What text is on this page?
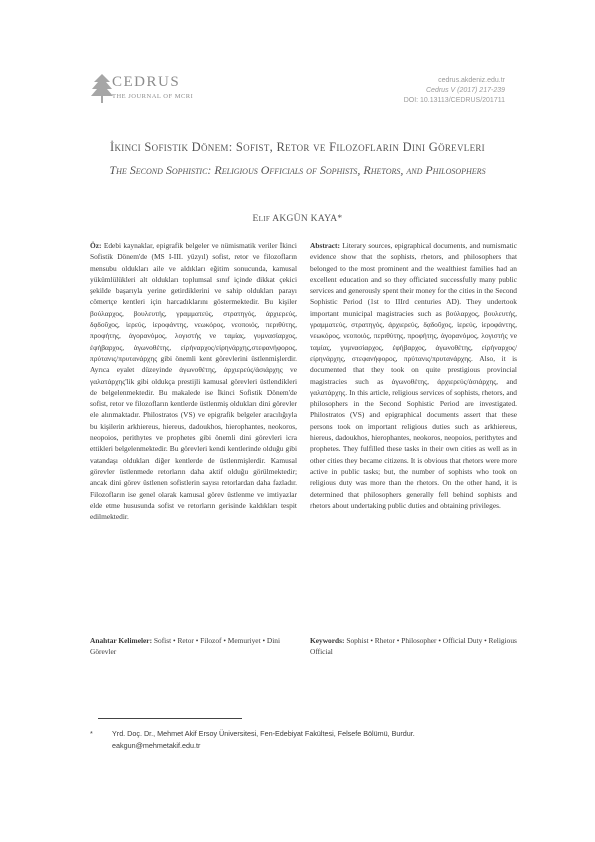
CEDRUS
THE JOURNAL OF MCRI
cedrus.akdeniz.edu.tr
Cedrus V (2017) 217-239
DOI: 10.13113/CEDRUS/201711
İkinci Sofistik Dönem: Sofist, Retor ve Filozofların Dini Görevleri
The Second Sophistic: Religious Officials of Sophists, Rhetors, and Philosophers
Elif AKGÜN KAYA*
Öz: Edebi kaynaklar, epigrafik belgeler ve nümismatik veriler İkinci Sofistik Dönem'de (MS I-III. yüzyıl) sofist, retor ve filozofların mensubu oldukları aile ve aldıkları eğitim sonucunda, kamusal yükümlülükleri alt oldukları toplumsal sınıf içinde dikkat çekici şekilde başarıyla yerine getirdiklerini ve sahip oldukları parayı cömertçe kentleri için harcadıklarını göstermektedir. Bu kişiler βούλαρχος, βουλευτής, γραμματεύς, στρατηγός, ἀρχιερεύς, δᾳδοῦχος, ἱερεύς, ἱεροφάντης, νεωκόρος, νεοποιός, περιθύτης, προφήτης, ἀγορανόμος, λογιστής ve ταμίας, γυμνασίαρχος, ἐφήβαρχος, ἀγωνοθέτης, εἰρήναρχος/εἰρηνάρχης,στεφανήφορος, πρύτανις/πρυτανάρχης gibi önemli kent görevlerini üstlenmişlerdir. Ayrıca eyalet düzeyinde ἀγωνοθέτης, ἀρχιερεύς/ἀσιάρχης ve γαλατάρχης'lik gibi oldukça prestijli kamusal görevleri üstlendikleri de belgelenmektedir. Bu makalede ise İkinci Sofistik Dönem'de sofist, retor ve filozofların kentlerde üstlenmiş oldukları dini görevler ele alınmaktadır. Philostratos (VS) ve epigrafik belgeler aracılığıyla bu kişilerin arkhiereus, hiereus, dadoukhos, hierophantes, neokoros, neopoios, perithytes ve prophetes gibi önemli dini görevleri icra ettikleri belgelenmektedir. Bu görevleri kendi kentlerinde olduğu gibi vatandaşı oldukları diğer kentlerde de üstlenmişlerdir. Kamusal görevler üstlenmede retorların daha aktif olduğu görülmektedir; ancak dini görev üstlenen sofistlerin sayısı retorlardan daha fazladır. Filozofların ise genel olarak kamusal görev üstlenme ve imtiyazlar elde etme hususunda sofist ve retorların gerisinde kaldıkları tespit edilmektedir.
Abstract: Literary sources, epigraphical documents, and numismatic evidence show that the sophists, rhetors, and philosophers that belonged to the most prominent and the wealthiest families had an excellent education and so they officiated successfully many public services and generously spent their money for the cities in the Second Sophistic Period (1st to IIIrd centuries AD). They undertook important municipal magistracies such as βούλαρχος, βουλευτής, γραμματεύς, στρατηγός, ἀρχιερεύς, δᾳδοῦχος, ἱερεύς, ἱεροφάντης, νεωκόρος, νεοποιός, περιθύτης, προφήτης, ἀγορανόμος, λογιστής ve ταμίας, γυμνασίαρχος, ἐφήβαρχος, ἀγωνοθέτης, εἰρήναρχος/εἰρηνάρχης, στεφανήφορος, πρύτανις/πρυτανάρχης. Also, it is documented that they took on quite prestigious provincial magistracies such as ἀγωνοθέτης, ἀρχιερεύς/ἀσιάρχης, and γαλατάρχης. In this article, religious services of sophists, rhetors, and philosophers in the Second Sophistic Period are investigated. Philostratos (VS) and epigraphical documents assert that these persons took on important religious duties such as arkhiereus, hiereus, dadoukhos, hierophantes, neokoros, neopoios, perithytes and prophetes. They fulfilled these tasks in their own cities as well as in other cities they became citizens. It is obvious that rhetors were more active in public tasks; but, the number of sophists who took on religious duty was more than the rhetors. On the other hand, it is determined that philosophers generally fell behind sophists and rhetors about undertaking public duties and obtaining privileges.
Anahtar Kelimeler: Sofist • Retor • Filozof • Memuriyet • Dini Görevler
Keywords: Sophist • Rhetor • Philosopher • Official Duty • Religious Official
*	Yrd. Doç. Dr., Mehmet Akif Ersoy Üniversitesi, Fen-Edebiyat Fakültesi, Felsefe Bölümü, Burdur.
eakgun@mehmetakif.edu.tr
